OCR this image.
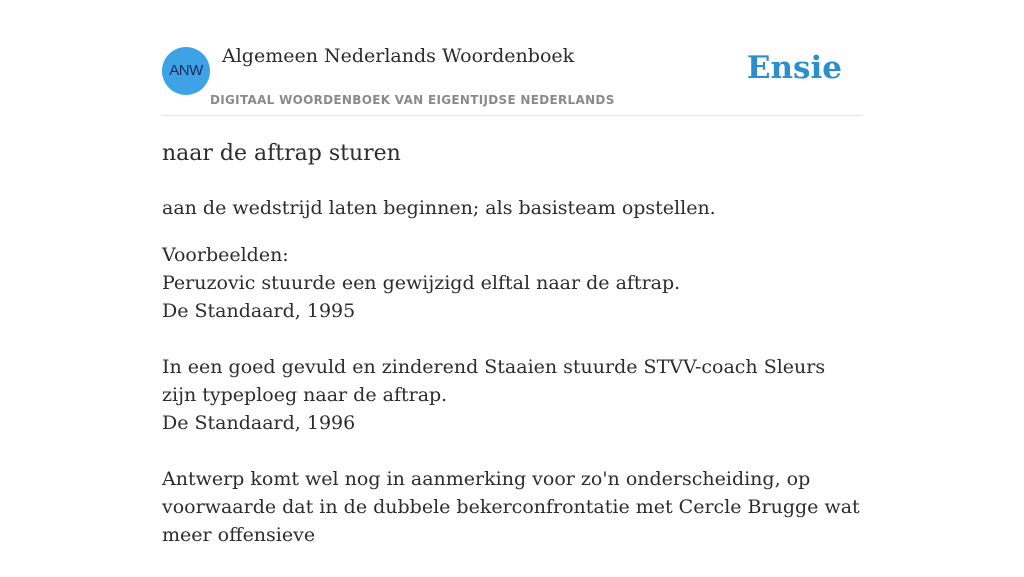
ANW
Algemeen Nederlands Woordenboek
DIGITAAL WOORDENBOEK VAN EIGENTIJDSE NEDERLANDS
Ensie
naar de aftrap sturen

aan de wedstrijd laten beginnen; als basisteam opstellen.

Voorbeelden:
Peruzovic stuurde een gewijzigd elftal naar de aftrap.
De Standaard, 1995
In een goed gevuld en zinderend Staaien stuurde STVV-coach Sleurs zijn typeploeg naar de aftrap.
De Standaard, 1996
Antwerp komt wel nog in aanmerking voor zo'n onderscheiding, op voorwaarde dat in de dubbele bekerconfrontatie met Cercle Brugge wat meer offensieve
